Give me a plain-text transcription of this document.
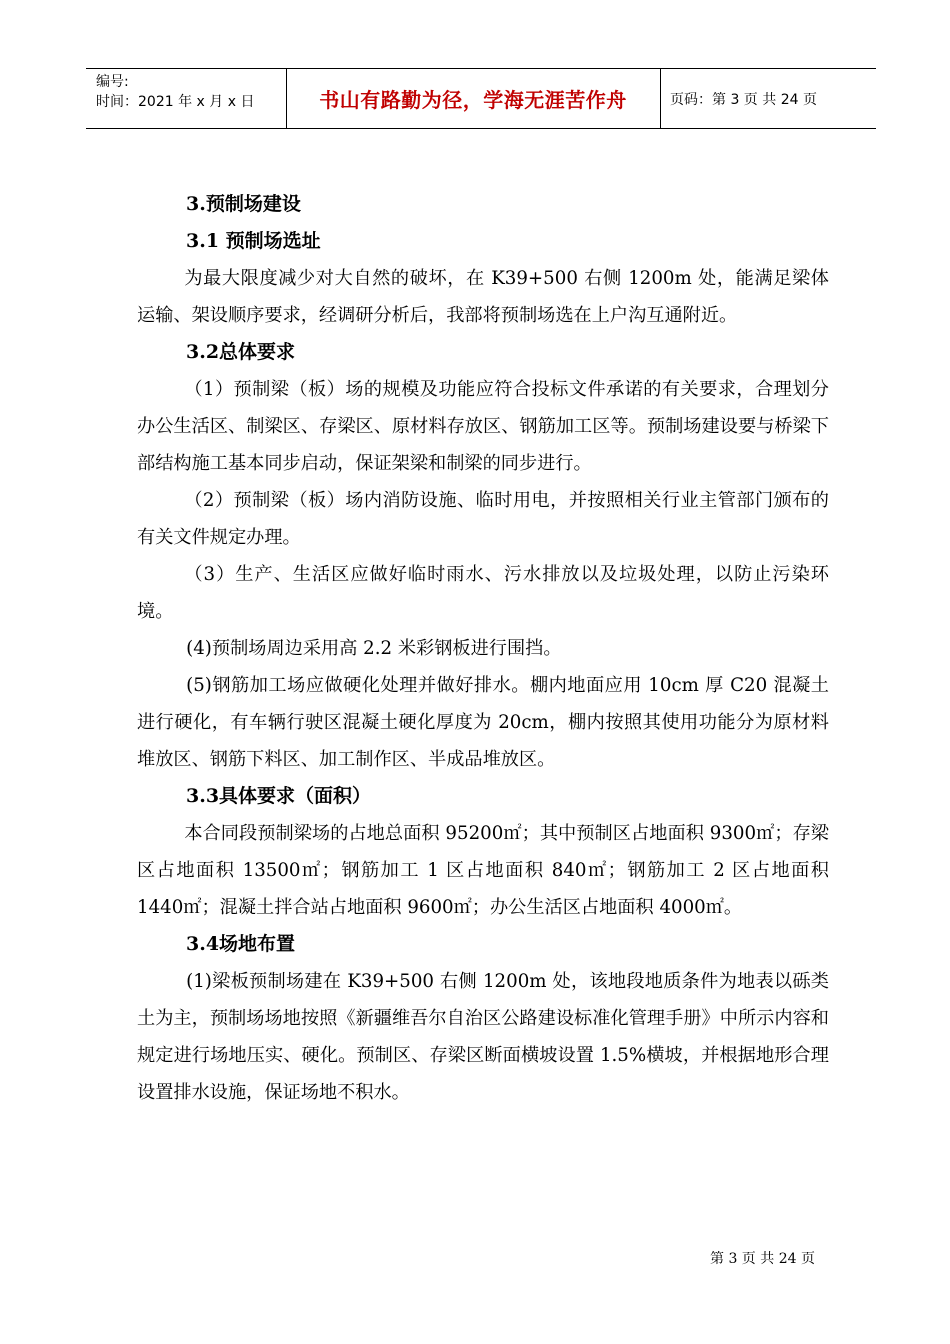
编号:
时间：2021 年 x 月 x 日	书山有路勤为径，学海无涯苦作舟	页码：第 3 页 共 24 页
3.预制场建设
3.1 预制场选址

为最大限度减少对大自然的破坏，在 K39+500 右侧 1200m 处，能满足梁体运输、架设顺序要求，经调研分析后，我部将预制场选在上户沟互通附近。

3.2总体要求

（1）预制梁（板）场的规模及功能应符合投标文件承诺的有关要求，合理划分办公生活区、制梁区、存梁区、原材料存放区、钢筋加工区等。预制场建设要与桥梁下部结构施工基本同步启动，保证架梁和制梁的同步进行。

（2）预制梁（板）场内消防设施、临时用电，并按照相关行业主管部门颁布的有关文件规定办理。

（3）生产、生活区应做好临时雨水、污水排放以及垃圾处理，以防止污染环境。

(4)预制场周边采用高 2.2 米彩钢板进行围挡。

(5)钢筋加工场应做硬化处理并做好排水。棚内地面应用 10cm 厚 C20 混凝土进行硬化，有车辆行驶区混凝土硬化厚度为 20cm，棚内按照其使用功能分为原材料堆放区、钢筋下料区、加工制作区、半成品堆放区。

3.3具体要求（面积）

本合同段预制梁场的占地总面积 95200㎡；其中预制区占地面积 9300㎡；存梁区占地面积 13500㎡；钢筋加工 1 区占地面积 840㎡；钢筋加工 2 区占地面积 1440㎡；混凝土拌合站占地面积 9600㎡；办公生活区占地面积 4000㎡。

3.4场地布置

(1)梁板预制场建在 K39+500 右侧 1200m 处，该地段地质条件为地表以砾类土为主，预制场场地按照《新疆维吾尔自治区公路建设标准化管理手册》中所示内容和规定进行场地压实、硬化。预制区、存梁区断面横坡设置 1.5%横坡，并根据地形合理设置排水设施，保证场地不积水。

第 3 页 共 24 页
